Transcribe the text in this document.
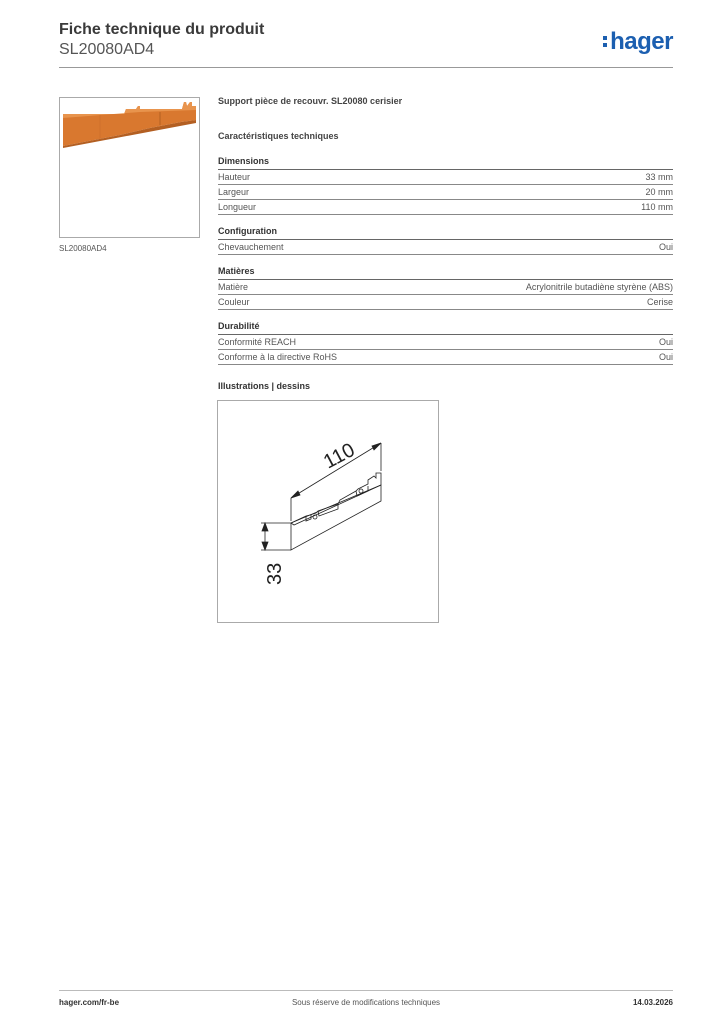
Fiche technique du produit
SL20080AD4	hager
SL20080AD4
Support pièce de recouvr. SL20080 cerisier
Caractéristiques techniques
Dimensions
Hauteur	33 mm
Largeur	20 mm
Longueur	110 mm
Configuration
Chevauchement	Oui
Matières
Matière	Acrylonitrile butadiène styrène (ABS)
Couleur	Cerise
Durabilité
Conformité REACH	Oui
Conforme à la directive RoHS	Oui
Illustrations | dessins
110
33
hager.com/fr-be	Sous réserve de modifications techniques	14.03.2026
